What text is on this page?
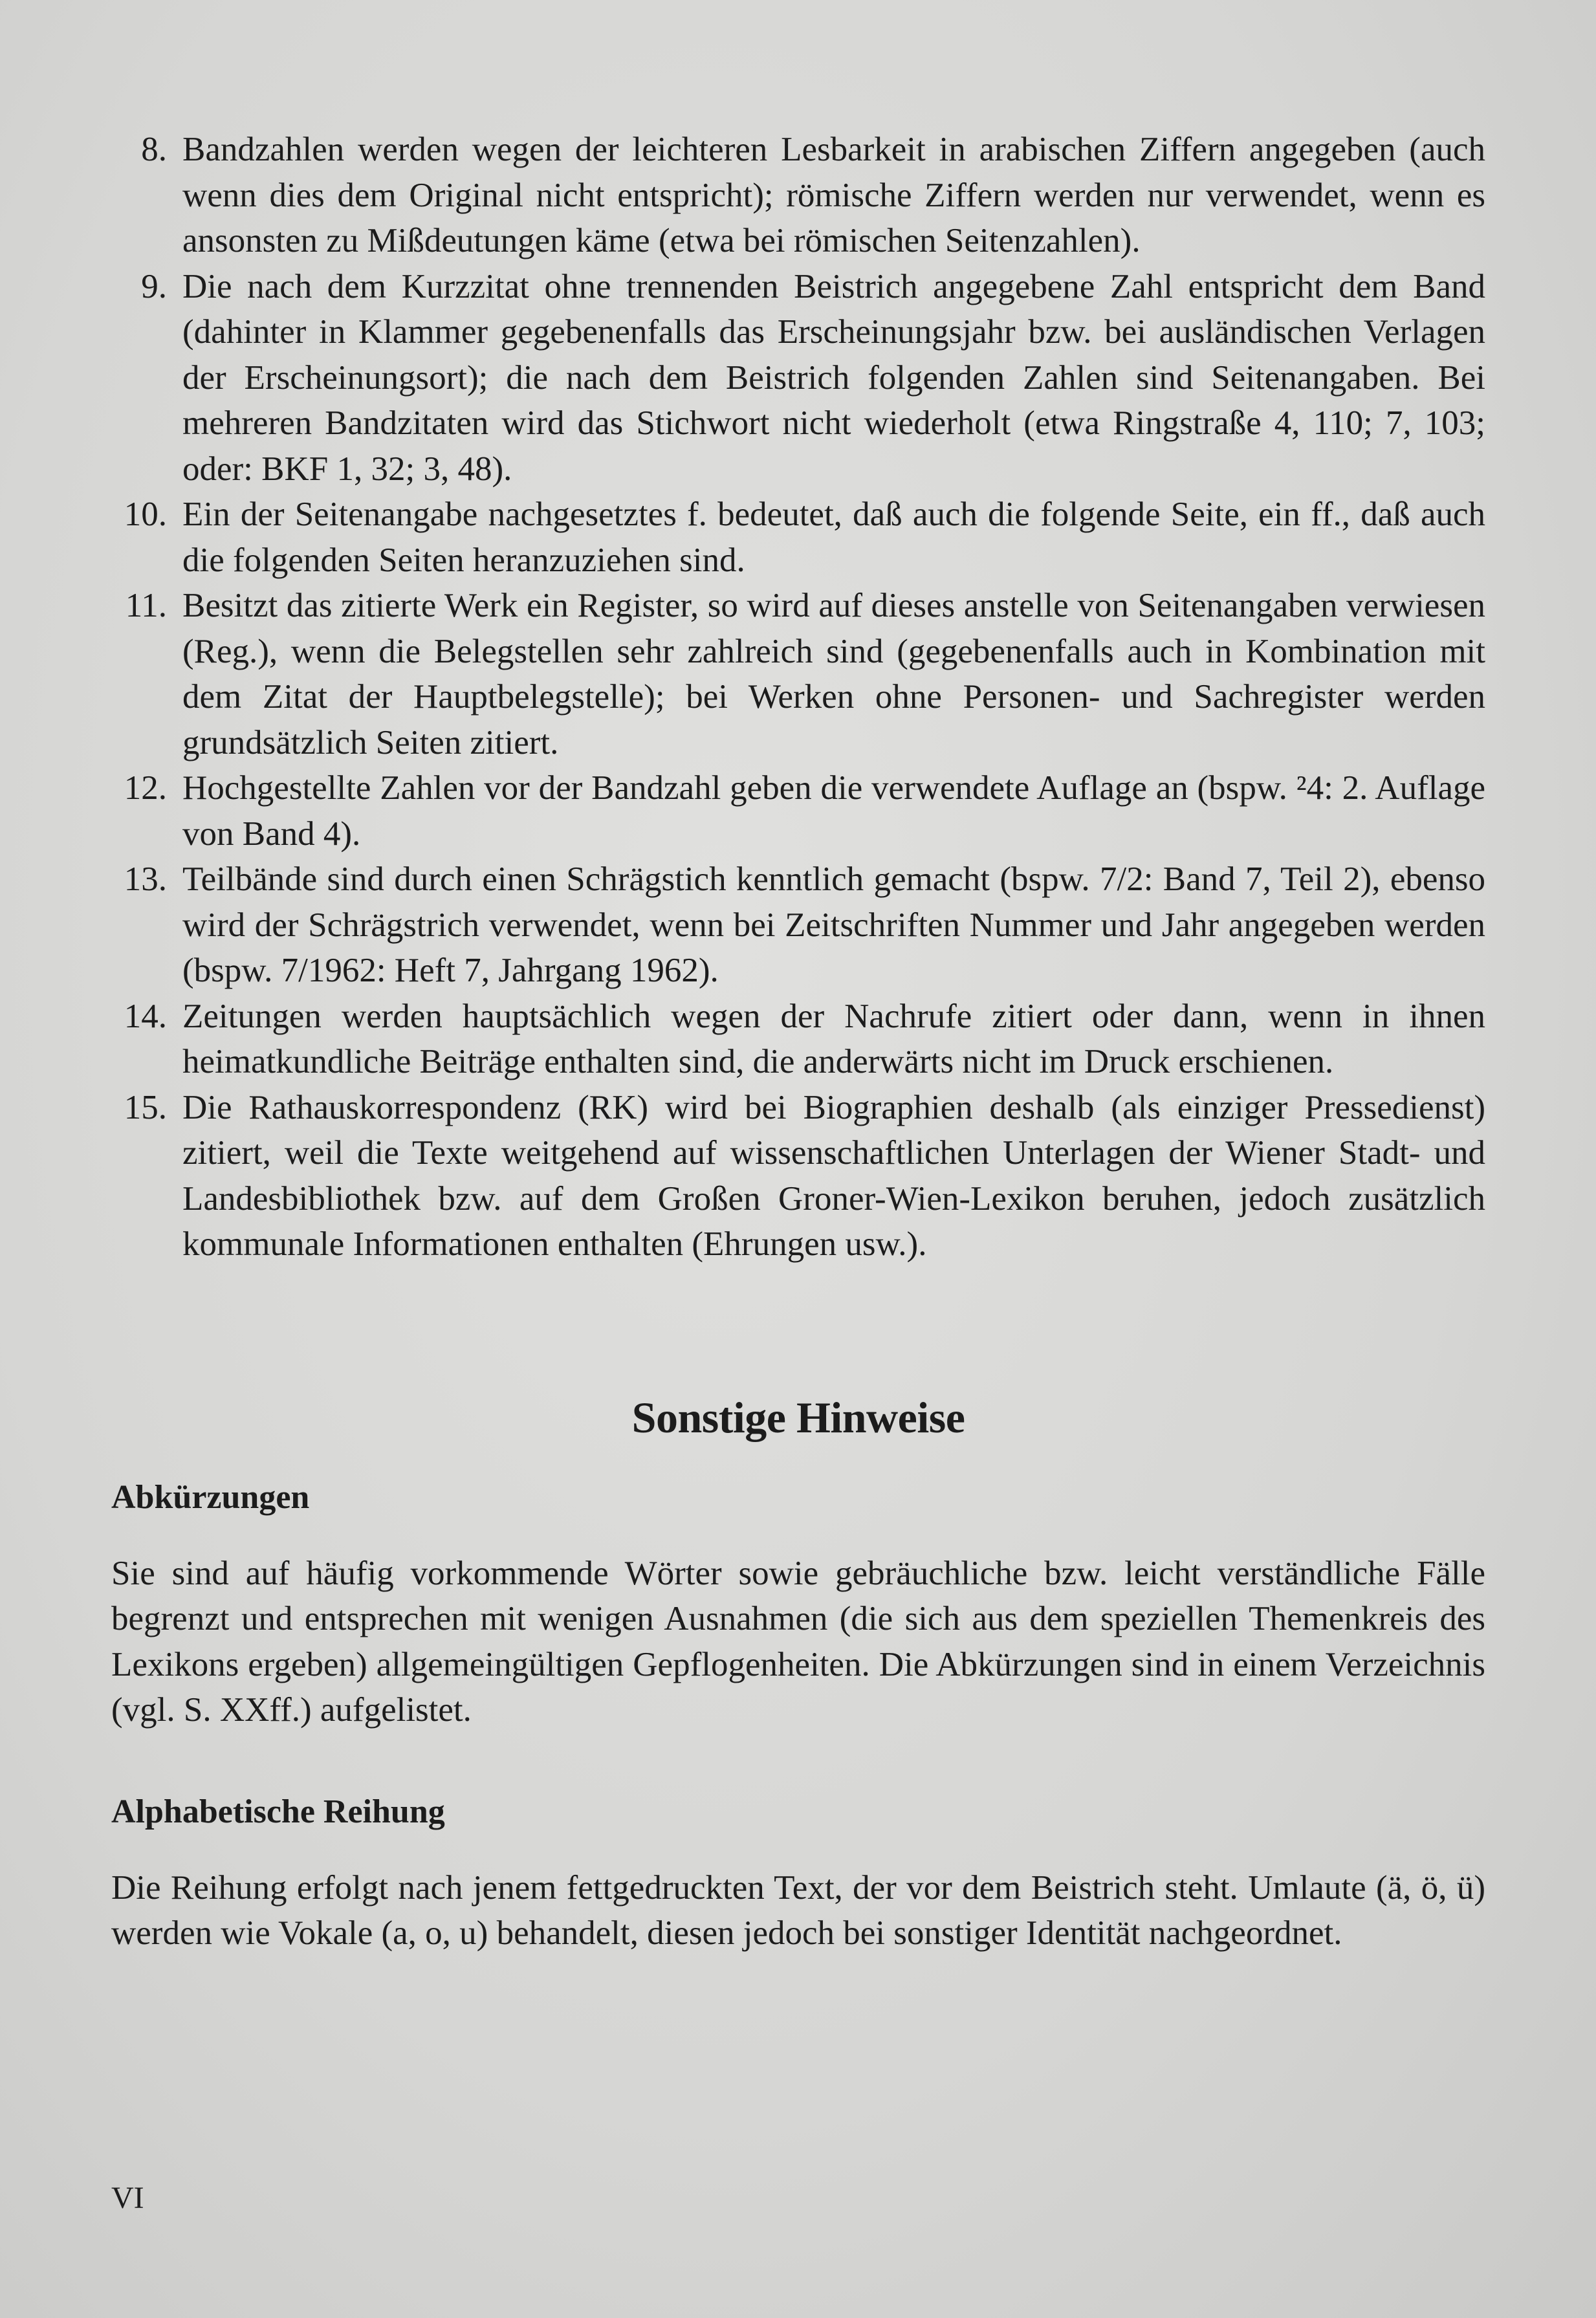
8. Bandzahlen werden wegen der leichteren Lesbarkeit in arabischen Ziffern angegeben (auch wenn dies dem Original nicht entspricht); römische Ziffern werden nur verwendet, wenn es ansonsten zu Mißdeutungen käme (etwa bei römischen Seitenzahlen).
9. Die nach dem Kurzzitat ohne trennenden Beistrich angegebene Zahl entspricht dem Band (dahinter in Klammer gegebenenfalls das Erscheinungsjahr bzw. bei ausländischen Verlagen der Erscheinungsort); die nach dem Beistrich folgenden Zahlen sind Seitenangaben. Bei mehreren Bandzitaten wird das Stichwort nicht wiederholt (etwa Ringstraße 4, 110; 7, 103; oder: BKF 1, 32; 3, 48).
10. Ein der Seitenangabe nachgesetztes f. bedeutet, daß auch die folgende Seite, ein ff., daß auch die folgenden Seiten heranzuziehen sind.
11. Besitzt das zitierte Werk ein Register, so wird auf dieses anstelle von Seitenangaben verwiesen (Reg.), wenn die Belegstellen sehr zahlreich sind (gegebenenfalls auch in Kombination mit dem Zitat der Hauptbelegstelle); bei Werken ohne Personen- und Sachregister werden grundsätzlich Seiten zitiert.
12. Hochgestellte Zahlen vor der Bandzahl geben die verwendete Auflage an (bspw. ²4: 2. Auflage von Band 4).
13. Teilbände sind durch einen Schrägstich kenntlich gemacht (bspw. 7/2: Band 7, Teil 2), ebenso wird der Schrägstrich verwendet, wenn bei Zeitschriften Nummer und Jahr angegeben werden (bspw. 7/1962: Heft 7, Jahrgang 1962).
14. Zeitungen werden hauptsächlich wegen der Nachrufe zitiert oder dann, wenn in ihnen heimatkundliche Beiträge enthalten sind, die anderwärts nicht im Druck erschienen.
15. Die Rathauskorrespondenz (RK) wird bei Biographien deshalb (als einziger Pressedienst) zitiert, weil die Texte weitgehend auf wissenschaftlichen Unterlagen der Wiener Stadt- und Landesbibliothek bzw. auf dem Großen Groner-Wien-Lexikon beruhen, jedoch zusätzlich kommunale Informationen enthalten (Ehrungen usw.).
Sonstige Hinweise
Abkürzungen

Sie sind auf häufig vorkommende Wörter sowie gebräuchliche bzw. leicht verständliche Fälle begrenzt und entsprechen mit wenigen Ausnahmen (die sich aus dem speziellen Themenkreis des Lexikons ergeben) allgemeingültigen Gepflogenheiten. Die Abkürzungen sind in einem Verzeichnis (vgl. S. XXff.) aufgelistet.

Alphabetische Reihung

Die Reihung erfolgt nach jenem fettgedruckten Text, der vor dem Beistrich steht. Umlaute (ä, ö, ü) werden wie Vokale (a, o, u) behandelt, diesen jedoch bei sonstiger Identität nachgeordnet.

VI
